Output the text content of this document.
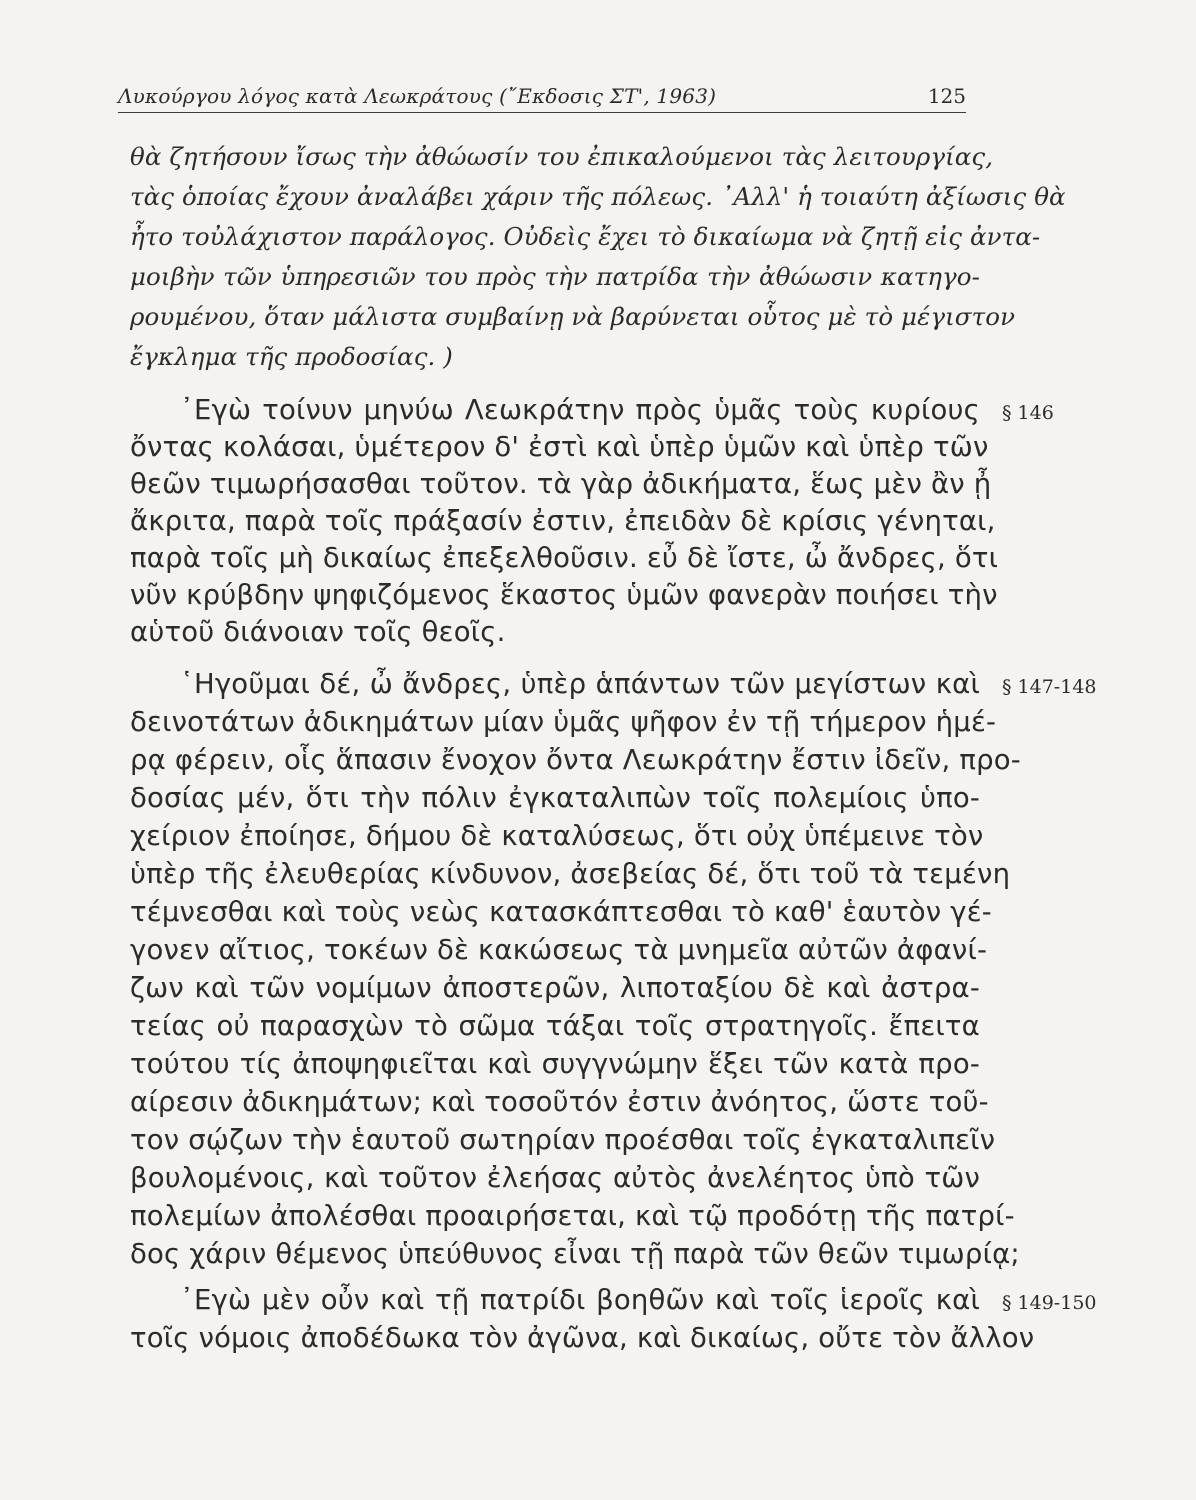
Λυκούργου λόγος κατὰ Λεωκράτους (῎Εκδοσις ΣΤ', 1963)	125
θὰ ζητήσουν ἴσως τὴν ἀθώωσίν του ἐπικαλούμενοι τὰς λειτουργίας,
τὰς ὁποίας ἔχουν ἀναλάβει χάριν τῆς πόλεως. ᾿Αλλ' ἡ τοιαύτη ἀξίωσις θὰ
ἦτο τοὐλάχιστον παράλογος. Οὐδεὶς ἔχει τὸ δικαίωμα νὰ ζητῇ εἰς ἀντα-
μοιβὴν τῶν ὑπηρεσιῶν του πρὸς τὴν πατρίδα τὴν ἀθώωσιν κατηγο-
ρουμένου, ὅταν μάλιστα συμβαίνῃ νὰ βαρύνεται οὗτος μὲ τὸ μέγιστον
ἔγκλημα τῆς προδοσίας. )
᾿Εγὼ τοίνυν μηνύω Λεωκράτην πρὸς ὑμᾶς τοὺς κυρίους
ὄντας κολάσαι, ὑμέτερον δ' ἐστὶ καὶ ὑπὲρ ὑμῶν καὶ ὑπὲρ τῶν
θεῶν τιμωρήσασθαι τοῦτον. τὰ γὰρ ἀδικήματα, ἕως μὲν ἂν ᾖ
ἄκριτα, παρὰ τοῖς πράξασίν ἐστιν, ἐπειδὰν δὲ κρίσις γένηται,
παρὰ τοῖς μὴ δικαίως ἐπεξελθοῦσιν. εὖ δὲ ἴστε, ὦ ἄνδρες, ὅτι
νῦν κρύβδην ψηφιζόμενος ἕκαστος ὑμῶν φανερὰν ποιήσει τὴν
αὑτοῦ διάνοιαν τοῖς θεοῖς.
῾Ηγοῦμαι δέ, ὦ ἄνδρες, ὑπὲρ ἁπάντων τῶν μεγίστων καὶ
δεινοτάτων ἀδικημάτων μίαν ὑμᾶς ψῆφον ἐν τῇ τήμερον ἡμέ-
ρᾳ φέρειν, οἷς ἅπασιν ἔνοχον ὄντα Λεωκράτην ἔστιν ἰδεῖν, προ-
δοσίας μέν, ὅτι τὴν πόλιν ἐγκαταλιπὼν τοῖς πολεμίοις ὑπο-
χείριον ἐποίησε, δήμου δὲ καταλύσεως, ὅτι οὐχ ὑπέμεινε τὸν
ὑπὲρ τῆς ἐλευθερίας κίνδυνον, ἀσεβείας δέ, ὅτι τοῦ τὰ τεμένη
τέμνεσθαι καὶ τοὺς νεὼς κατασκάπτεσθαι τὸ καθ' ἑαυτὸν γέ-
γονεν αἴτιος, τοκέων δὲ κακώσεως τὰ μνημεῖα αὐτῶν ἀφανί-
ζων καὶ τῶν νομίμων ἀποστερῶν, λιποταξίου δὲ καὶ ἀστρα-
τείας οὐ παρασχὼν τὸ σῶμα τάξαι τοῖς στρατηγοῖς. ἔπειτα
τούτου τίς ἀποψηφιεῖται καὶ συγγνώμην ἕξει τῶν κατὰ προ-
αίρεσιν ἀδικημάτων; καὶ τοσοῦτόν ἐστιν ἀνόητος, ὥστε τοῦ-
τον σῴζων τὴν ἑαυτοῦ σωτηρίαν προέσθαι τοῖς ἐγκαταλιπεῖν
βουλομένοις, καὶ τοῦτον ἐλεήσας αὐτὸς ἀνελέητος ὑπὸ τῶν
πολεμίων ἀπολέσθαι προαιρήσεται, καὶ τῷ προδότῃ τῆς πατρί-
δος χάριν θέμενος ὑπεύθυνος εἶναι τῇ παρὰ τῶν θεῶν τιμωρίᾳ;
᾿Εγὼ μὲν οὖν καὶ τῇ πατρίδι βοηθῶν καὶ τοῖς ἱεροῖς καὶ
τοῖς νόμοις ἀποδέδωκα τὸν ἀγῶνα, καὶ δικαίως, οὔτε τὸν ἄλλον
§ 146
§ 147-148
§ 149-150
